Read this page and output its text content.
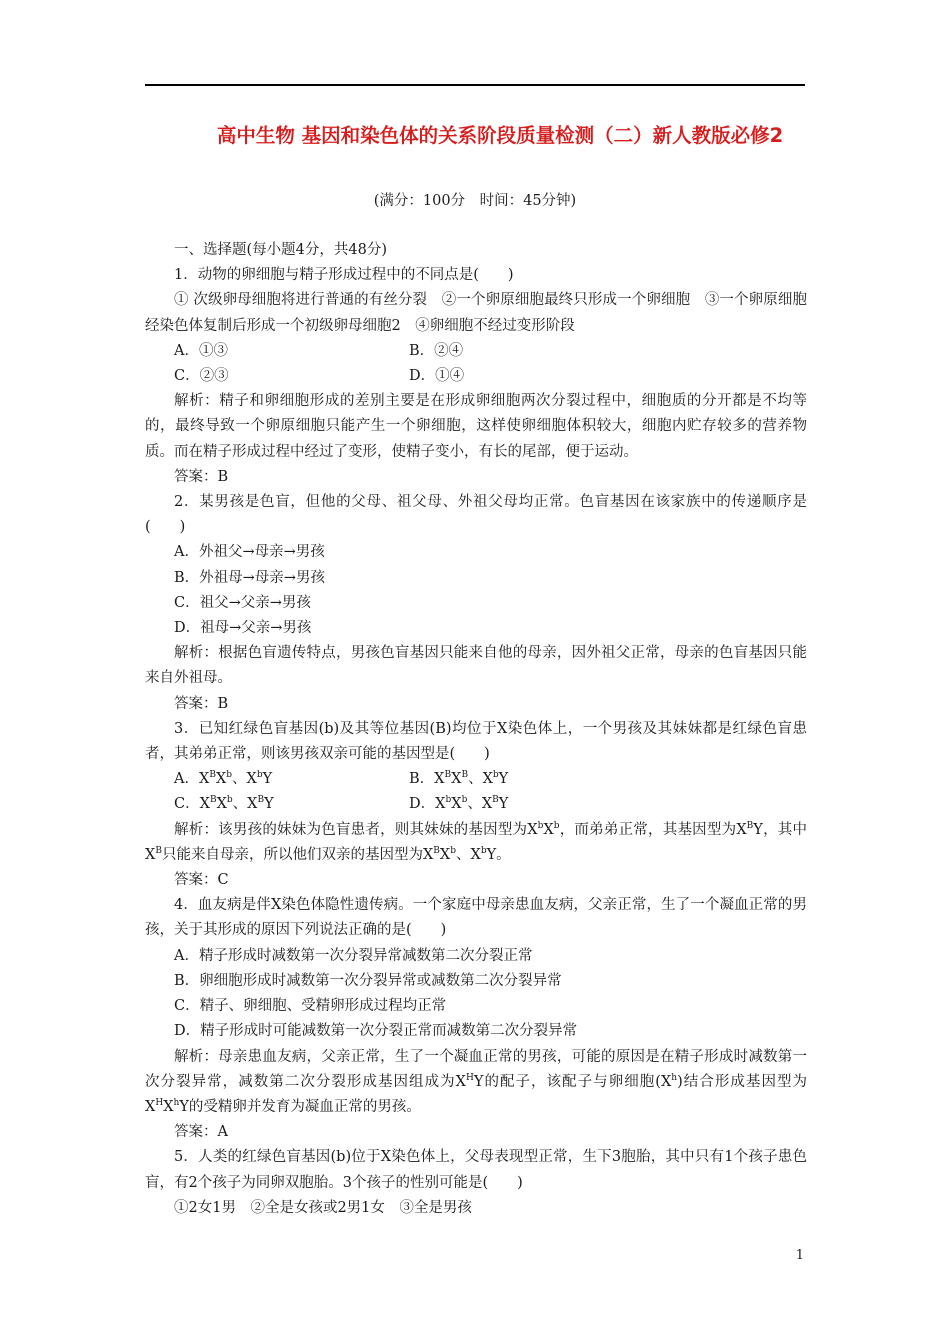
高中生物 基因和染色体的关系阶段质量检测（二）新人教版必修2
(满分：100分　时间：45分钟)

一、选择题(每小题4分，共48分)

1．动物的卵细胞与精子形成过程中的不同点是(　　)

① 次级卵母细胞将进行普通的有丝分裂　②一个卵原细胞最终只形成一个卵细胞　③一个卵原细胞经染色体复制后形成一个初级卵母细胞2　④卵细胞不经过变形阶段

A．①③	B．②④

C．②③	D．①④

解析：精子和卵细胞形成的差别主要是在形成卵细胞两次分裂过程中，细胞质的分开都是不均等的，最终导致一个卵原细胞只能产生一个卵细胞，这样使卵细胞体积较大，细胞内贮存较多的营养物质。而在精子形成过程中经过了变形，使精子变小，有长的尾部，便于运动。

答案：B

2．某男孩是色盲，但他的父母、祖父母、外祖父母均正常。色盲基因在该家族中的传递顺序是(　　)

A．外祖父→母亲→男孩

B．外祖母→母亲→男孩

C．祖父→父亲→男孩

D．祖母→父亲→男孩

解析：根据色盲遗传特点，男孩色盲基因只能来自他的母亲，因外祖父正常，母亲的色盲基因只能来自外祖母。

答案：B

3．已知红绿色盲基因(b)及其等位基因(B)均位于X染色体上，一个男孩及其妹妹都是红绿色盲患者，其弟弟正常，则该男孩双亲可能的基因型是(　　)

A．$X^BX^b$、$X^bY$	B．$X^BX^B$、$X^bY$

C．$X^BX^b$、$X^BY$	D．$X^bX^b$、$X^BY$

解析：该男孩的妹妹为色盲患者，则其妹妹的基因型为$X^bX^b$，而弟弟正常，其基因型为$X^BY$，其中$X^B$只能来自母亲，所以他们双亲的基因型为$X^BX^b$、$X^bY$。

答案：C

4．血友病是伴X染色体隐性遗传病。一个家庭中母亲患血友病，父亲正常，生了一个凝血正常的男孩，关于其形成的原因下列说法正确的是(　　)

A．精子形成时减数第一次分裂异常减数第二次分裂正常

B．卵细胞形成时减数第一次分裂异常或减数第二次分裂异常

C．精子、卵细胞、受精卵形成过程均正常

D．精子形成时可能减数第一次分裂正常而减数第二次分裂异常

解析：母亲患血友病，父亲正常，生了一个凝血正常的男孩，可能的原因是在精子形成时减数第一次分裂异常，减数第二次分裂形成基因组成为$X^HY$的配子，该配子与卵细胞$(X^h)$结合形成基因型为$X^HX^hY$的受精卵并发育为凝血正常的男孩。

答案：A

5．人类的红绿色盲基因(b)位于X染色体上，父母表现型正常，生下3胞胎，其中只有1个孩子患色盲，有2个孩子为同卵双胞胎。3个孩子的性别可能是(　　)

①2女1男　②全是女孩或2男1女　③全是男孩

1
